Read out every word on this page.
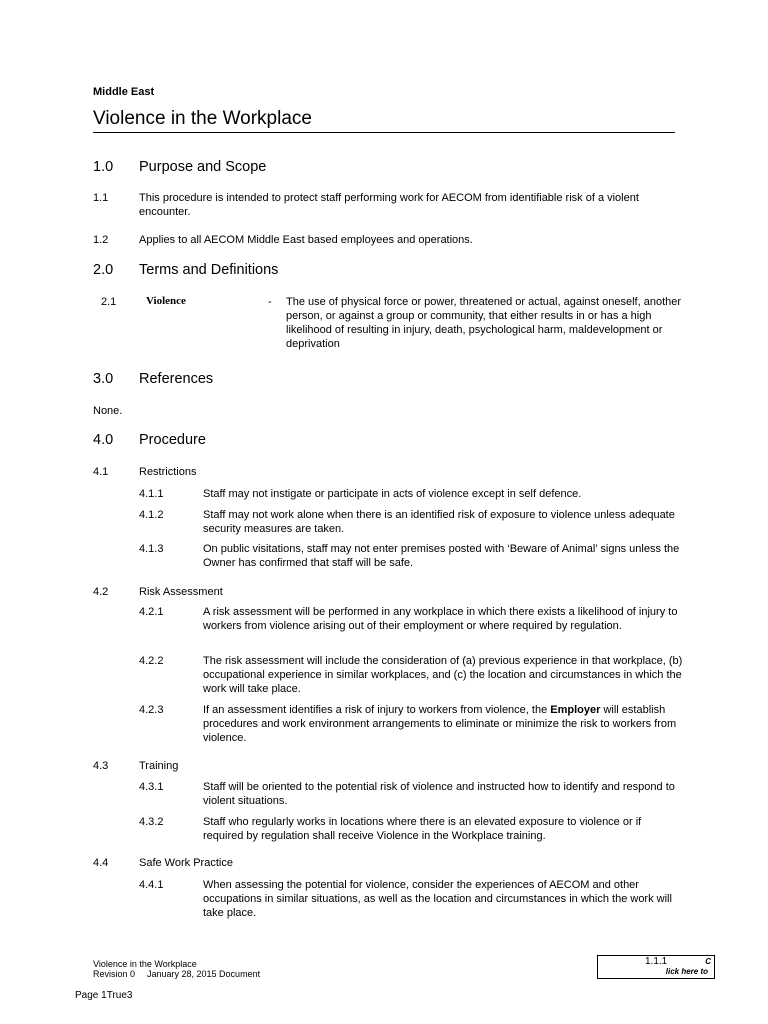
Middle East
Violence in the Workplace
1.0 Purpose and Scope
1.1	This procedure is intended to protect staff performing work for AECOM from identifiable risk of a violent encounter.
1.2	Applies to all AECOM Middle East based employees and operations.
2.0 Terms and Definitions
2.1	Violence	- The use of physical force or power, threatened or actual, against oneself, another person, or against a group or community, that either results in or has a high likelihood of resulting in injury, death, psychological harm, maldevelopment or deprivation
3.0 References
None.
4.0 Procedure
4.1	Restrictions
4.1.1	Staff may not instigate or participate in acts of violence except in self defence.
4.1.2	Staff may not work alone when there is an identified risk of exposure to violence unless adequate security measures are taken.
4.1.3	On public visitations, staff may not enter premises posted with ‘Beware of Animal’ signs unless the Owner has confirmed that staff will be safe.
4.2	Risk Assessment
4.2.1	A risk assessment will be performed in any workplace in which there exists a likelihood of injury to workers from violence arising out of their employment or where required by regulation.
4.2.2	The risk assessment will include the consideration of (a) previous experience in that workplace, (b) occupational experience in similar workplaces, and (c) the location and circumstances in which the work will take place.
4.2.3	If an assessment identifies a risk of injury to workers from violence, the Employer will establish procedures and work environment arrangements to eliminate or minimize the risk to workers from violence.
4.3	Training
4.3.1	Staff will be oriented to the potential risk of violence and instructed how to identify and respond to violent situations.
4.3.2	Staff who regularly works in locations where there is an elevated exposure to violence or if required by regulation shall receive Violence in the Workplace training.
4.4	Safe Work Practice
4.4.1	When assessing the potential for violence, consider the experiences of AECOM and other occupations in similar situations, as well as the location and circumstances in which the work will take place.
Violence in the Workplace
Revision 0 January 28, 2015 Document
1.1.1	C
lick here to
Page 1True3
